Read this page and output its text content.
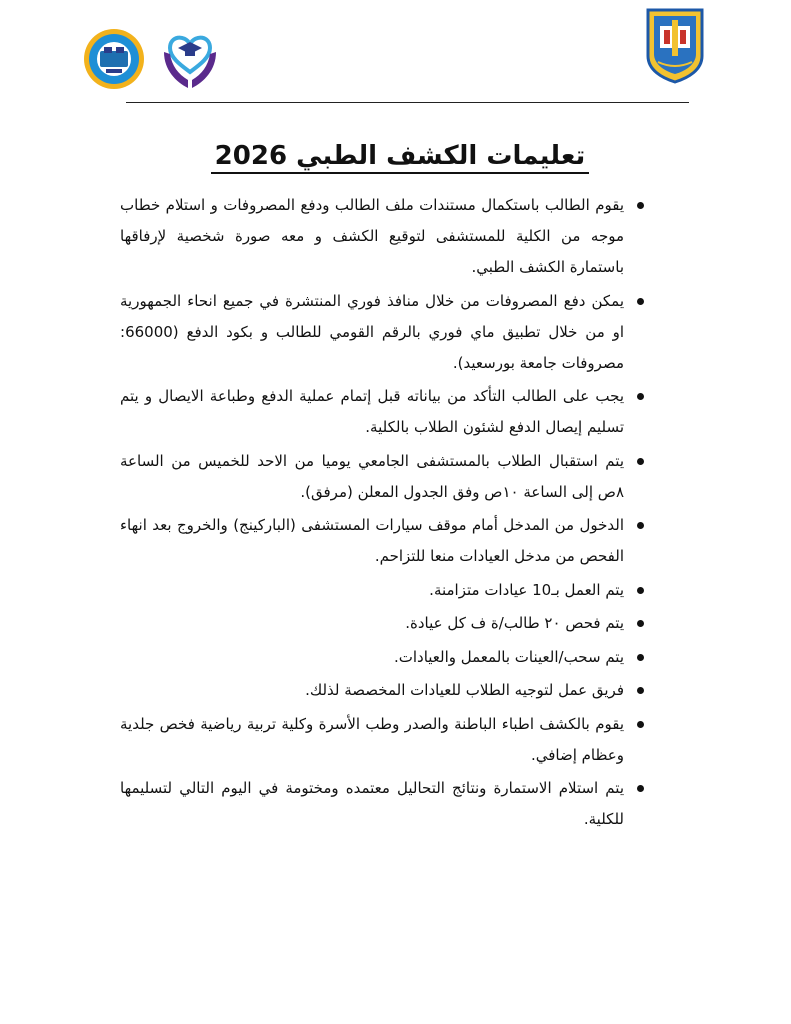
تعليمات الكشف الطبي 2026
يقوم الطالب باستكمال مستندات ملف الطالب ودفع المصروفات و استلام خطاب موجه من الكلية للمستشفى لتوقيع الكشف و معه صورة شخصية لإرفاقها باستمارة الكشف الطبي.
يمكن دفع المصروفات من خلال منافذ فوري المنتشرة في جميع انحاء الجمهورية او من خلال تطبيق ماي فوري بالرقم القومي للطالب و بكود الدفع (66000: مصروفات جامعة بورسعيد).
يجب على الطالب التأكد من بياناته قبل إتمام عملية الدفع وطباعة الايصال و يتم تسليم إيصال الدفع لشئون الطلاب بالكلية.
يتم استقبال الطلاب بالمستشفى الجامعي يوميا من الاحد للخميس من الساعة ٨ص إلى الساعة ١٠ص وفق الجدول المعلن (مرفق).
الدخول من المدخل أمام موقف سيارات المستشفى (الباركينج) والخروج بعد انهاء الفحص من مدخل العيادات منعا للتزاحم.
يتم العمل بـ10 عيادات متزامنة.
يتم فحص ٢٠ طالب/ة ف كل عيادة.
يتم سحب/العينات بالمعمل والعيادات.
فريق عمل لتوجيه الطلاب للعيادات المخصصة لذلك.
يقوم بالكشف اطباء الباطنة والصدر وطب الأسرة وكلية تربية رياضية فخص جلدية وعظام إضافي.
يتم استلام الاستمارة ونتائج التحاليل معتمده ومختومة في اليوم التالي لتسليمها للكلية.
